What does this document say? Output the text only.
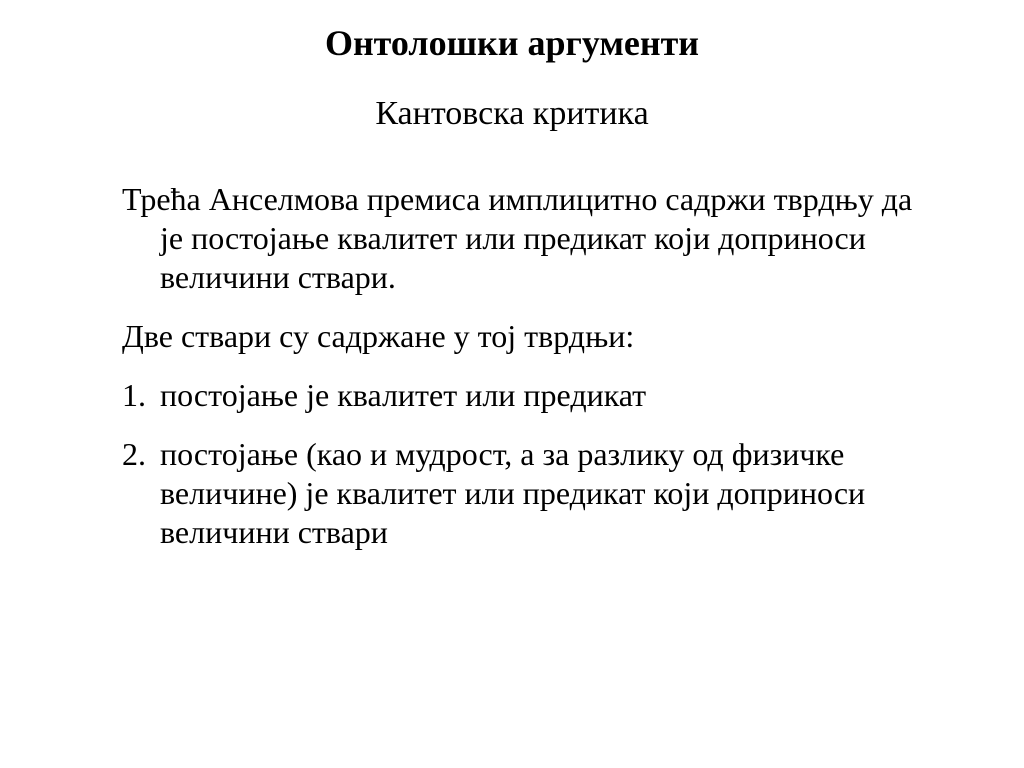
Онтолошки аргументи
Кантовска критика

Трећа Анселмова премиса имплицитно садржи тврдњу да је постојање квалитет или предикат који доприноси величини ствари.

Две ствари су садржане у тој тврдњи:

1. постојање је квалитет или предикат
2. постојање (као и мудрост, а за разлику од физичке величине) је квалитет или предикат који доприноси величини ствари
